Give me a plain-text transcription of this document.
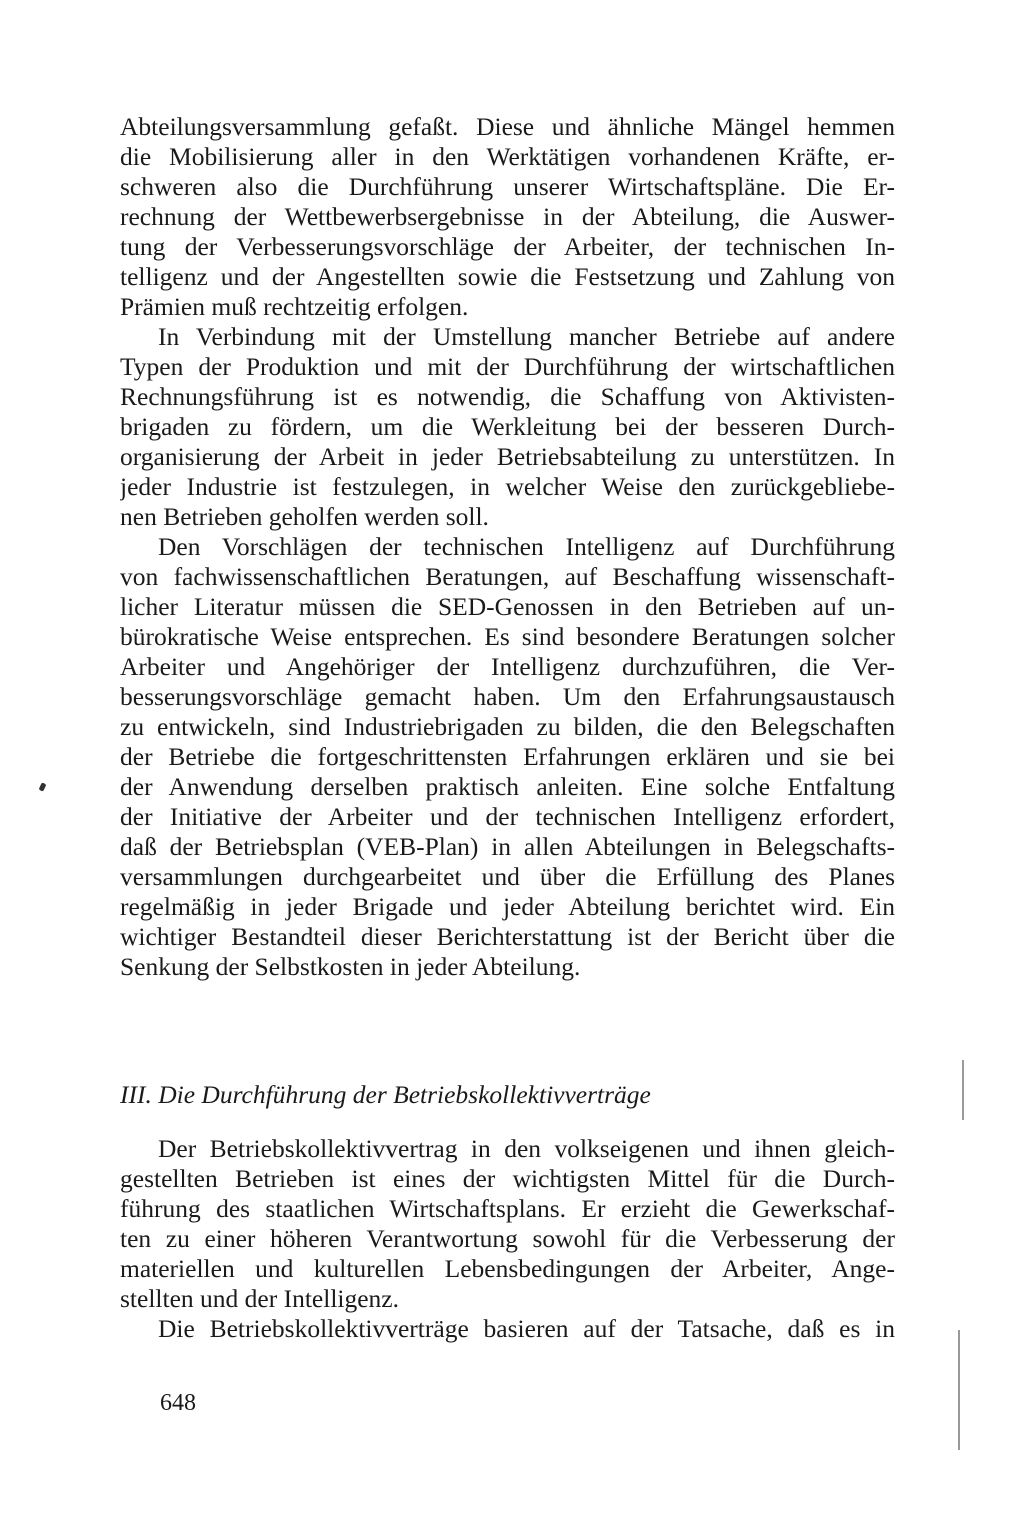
Abteilungsversammlung gefaßt. Diese und ähnliche Mängel hemmen
die Mobilisierung aller in den Werktätigen vorhandenen Kräfte, er-
schweren also die Durchführung unserer Wirtschaftspläne. Die Er-
rechnung der Wettbewerbsergebnisse in der Abteilung, die Auswer-
tung der Verbesserungsvorschläge der Arbeiter, der technischen In-
telligenz und der Angestellten sowie die Festsetzung und Zahlung von
Prämien muß rechtzeitig erfolgen.
In Verbindung mit der Umstellung mancher Betriebe auf andere
Typen der Produktion und mit der Durchführung der wirtschaftlichen
Rechnungsführung ist es notwendig, die Schaffung von Aktivisten-
brigaden zu fördern, um die Werkleitung bei der besseren Durch-
organisierung der Arbeit in jeder Betriebsabteilung zu unterstützen. In
jeder Industrie ist festzulegen, in welcher Weise den zurückgebliebe-
nen Betrieben geholfen werden soll.
Den Vorschlägen der technischen Intelligenz auf Durchführung
von fachwissenschaftlichen Beratungen, auf Beschaffung wissenschaft-
licher Literatur müssen die SED-Genossen in den Betrieben auf un-
bürokratische Weise entsprechen. Es sind besondere Beratungen solcher
Arbeiter und Angehöriger der Intelligenz durchzuführen, die Ver-
besserungsvorschläge gemacht haben. Um den Erfahrungsaustausch
zu entwickeln, sind Industriebrigaden zu bilden, die den Belegschaften
der Betriebe die fortgeschrittensten Erfahrungen erklären und sie bei
der Anwendung derselben praktisch anleiten. Eine solche Entfaltung
der Initiative der Arbeiter und der technischen Intelligenz erfordert,
daß der Betriebsplan (VEB-Plan) in allen Abteilungen in Belegschafts-
versammlungen durchgearbeitet und über die Erfüllung des Planes
regelmäßig in jeder Brigade und jeder Abteilung berichtet wird. Ein
wichtiger Bestandteil dieser Berichterstattung ist der Bericht über die
Senkung der Selbstkosten in jeder Abteilung.
III. Die Durchführung der Betriebskollektivverträge
Der Betriebskollektivvertrag in den volkseigenen und ihnen gleich-
gestellten Betrieben ist eines der wichtigsten Mittel für die Durch-
führung des staatlichen Wirtschaftsplans. Er erzieht die Gewerkschaf-
ten zu einer höheren Verantwortung sowohl für die Verbesserung der
materiellen und kulturellen Lebensbedingungen der Arbeiter, Ange-
stellten und der Intelligenz.
Die Betriebskollektivverträge basieren auf der Tatsache, daß es in
648
